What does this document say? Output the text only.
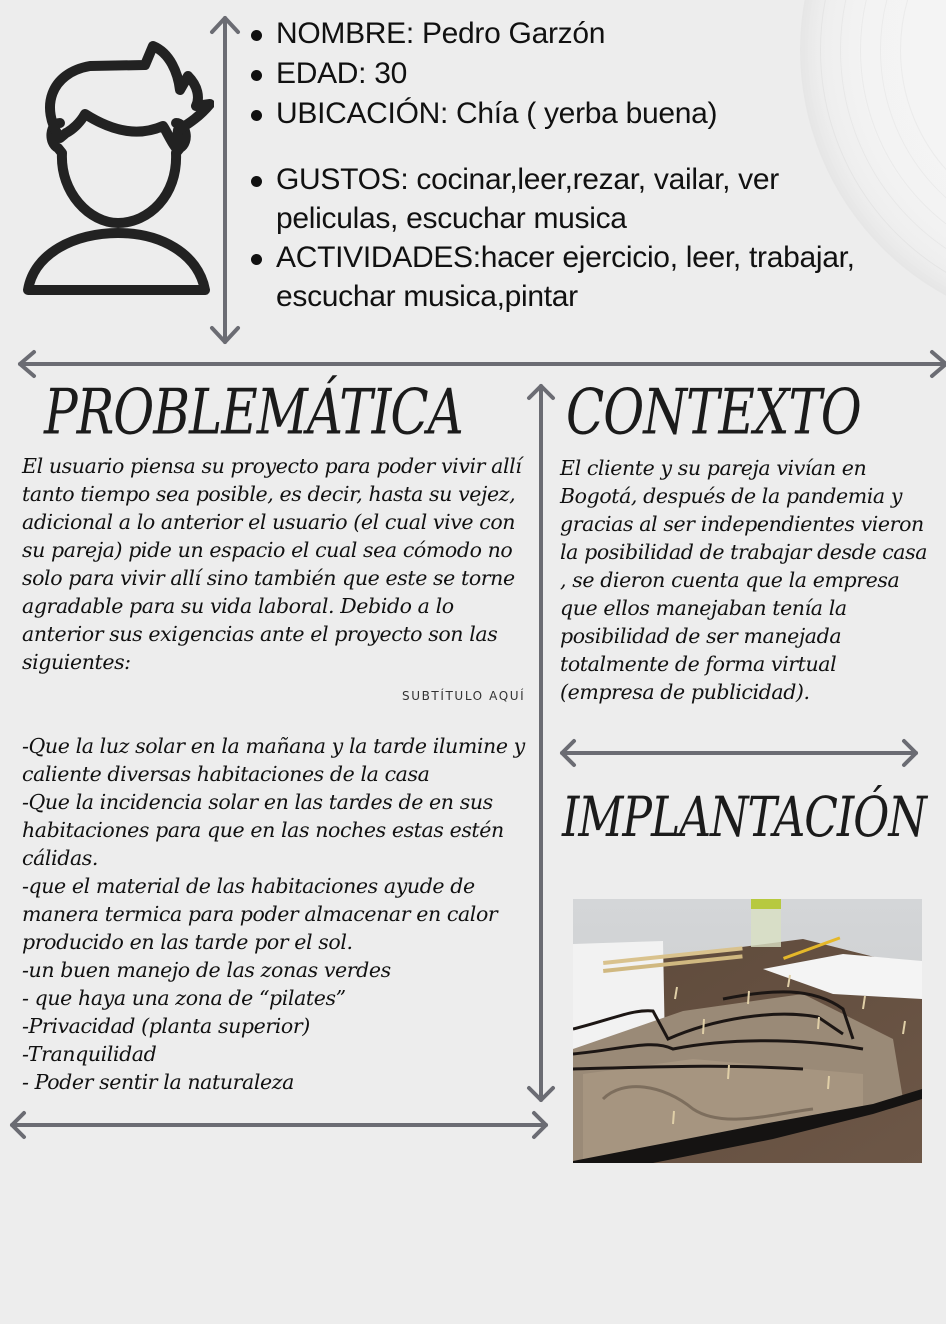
NOMBRE: Pedro Garzón
EDAD: 30
UBICACIÓN: Chía ( yerba buena)
GUSTOS: cocinar,leer,rezar, vailar, ver peliculas, escuchar musica
ACTIVIDADES:hacer ejercicio, leer, trabajar, escuchar musica,pintar
PROBLEMÁTICA

El usuario piensa su proyecto para poder vivir allí tanto tiempo sea posible, es decir, hasta su vejez, adicional a lo anterior el usuario (el cual vive con su pareja) pide un espacio el cual sea cómodo no solo para vivir allí sino también que este se torne agradable para su vida laboral. Debido a lo anterior sus exigencias ante el proyecto son las siguientes:

SUBTÍTULO AQUÍ

-Que la luz solar en la mañana y la tarde ilumine y caliente diversas habitaciones de la casa

-Que la incidencia solar en las tardes de en sus habitaciones para que en las noches estas estén cálidas.

-que el material de las habitaciones ayude de manera termica para poder almacenar en calor producido en las tarde por el sol.

-un buen manejo de las zonas verdes

- que haya una zona de “pilates”

-Privacidad (planta superior)

-Tranquilidad

- Poder sentir la naturaleza

CONTEXTO

El cliente y su pareja vivían en Bogotá, después de la pandemia y gracias al ser independientes vieron la posibilidad de trabajar desde casa , se dieron cuenta que la empresa que ellos manejaban tenía la posibilidad de ser manejada totalmente de forma virtual (empresa de publicidad).

IMPLANTACIÓN
